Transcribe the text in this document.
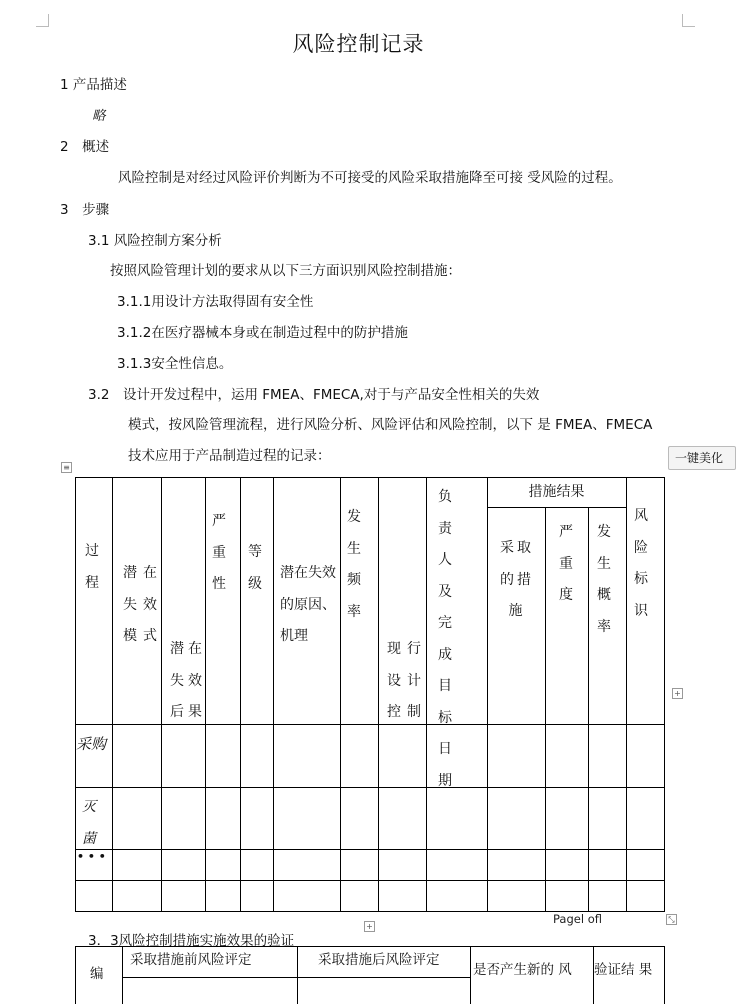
风险控制记录
1 产品描述
略
2　概述
风险控制是对经过风险评价判断为不可接受的风险采取措施降至可接 受风险的过程。
3　步骤
3.1 风险控制方案分析
按照风险管理计划的要求从以下三方面识别风险控制措施：
3.1.1用设计方法取得固有安全性
3.1.2在医疗器械本身或在制造过程中的防护措施
3.1.3安全性信息。
3.2　设计开发过程中，运用 FMEA、FMECA,对于与产品安全性相关的失效
模式，按风险管理流程，进行风险分析、风险评估和风险控制，以下 是 FMEA、FMECA
技术应用于产品制造过程的记录：
≡
一键美化
过程
潜在失效模式
潜在失效后果
严重性
等级
潜在失效的原因、机理
发生频率
现行设计控制
负责人及完成目标日期
措施结果
采取的措施
严重度
发生概率
风险标识
采购
灭菌
• • •
+
+
⤡
Pagel ofl
3．3风险控制措施实施效果的验证
编
采取措施前风险评定	采取措施后风险评定
是否产生新的 风 验证结 果
